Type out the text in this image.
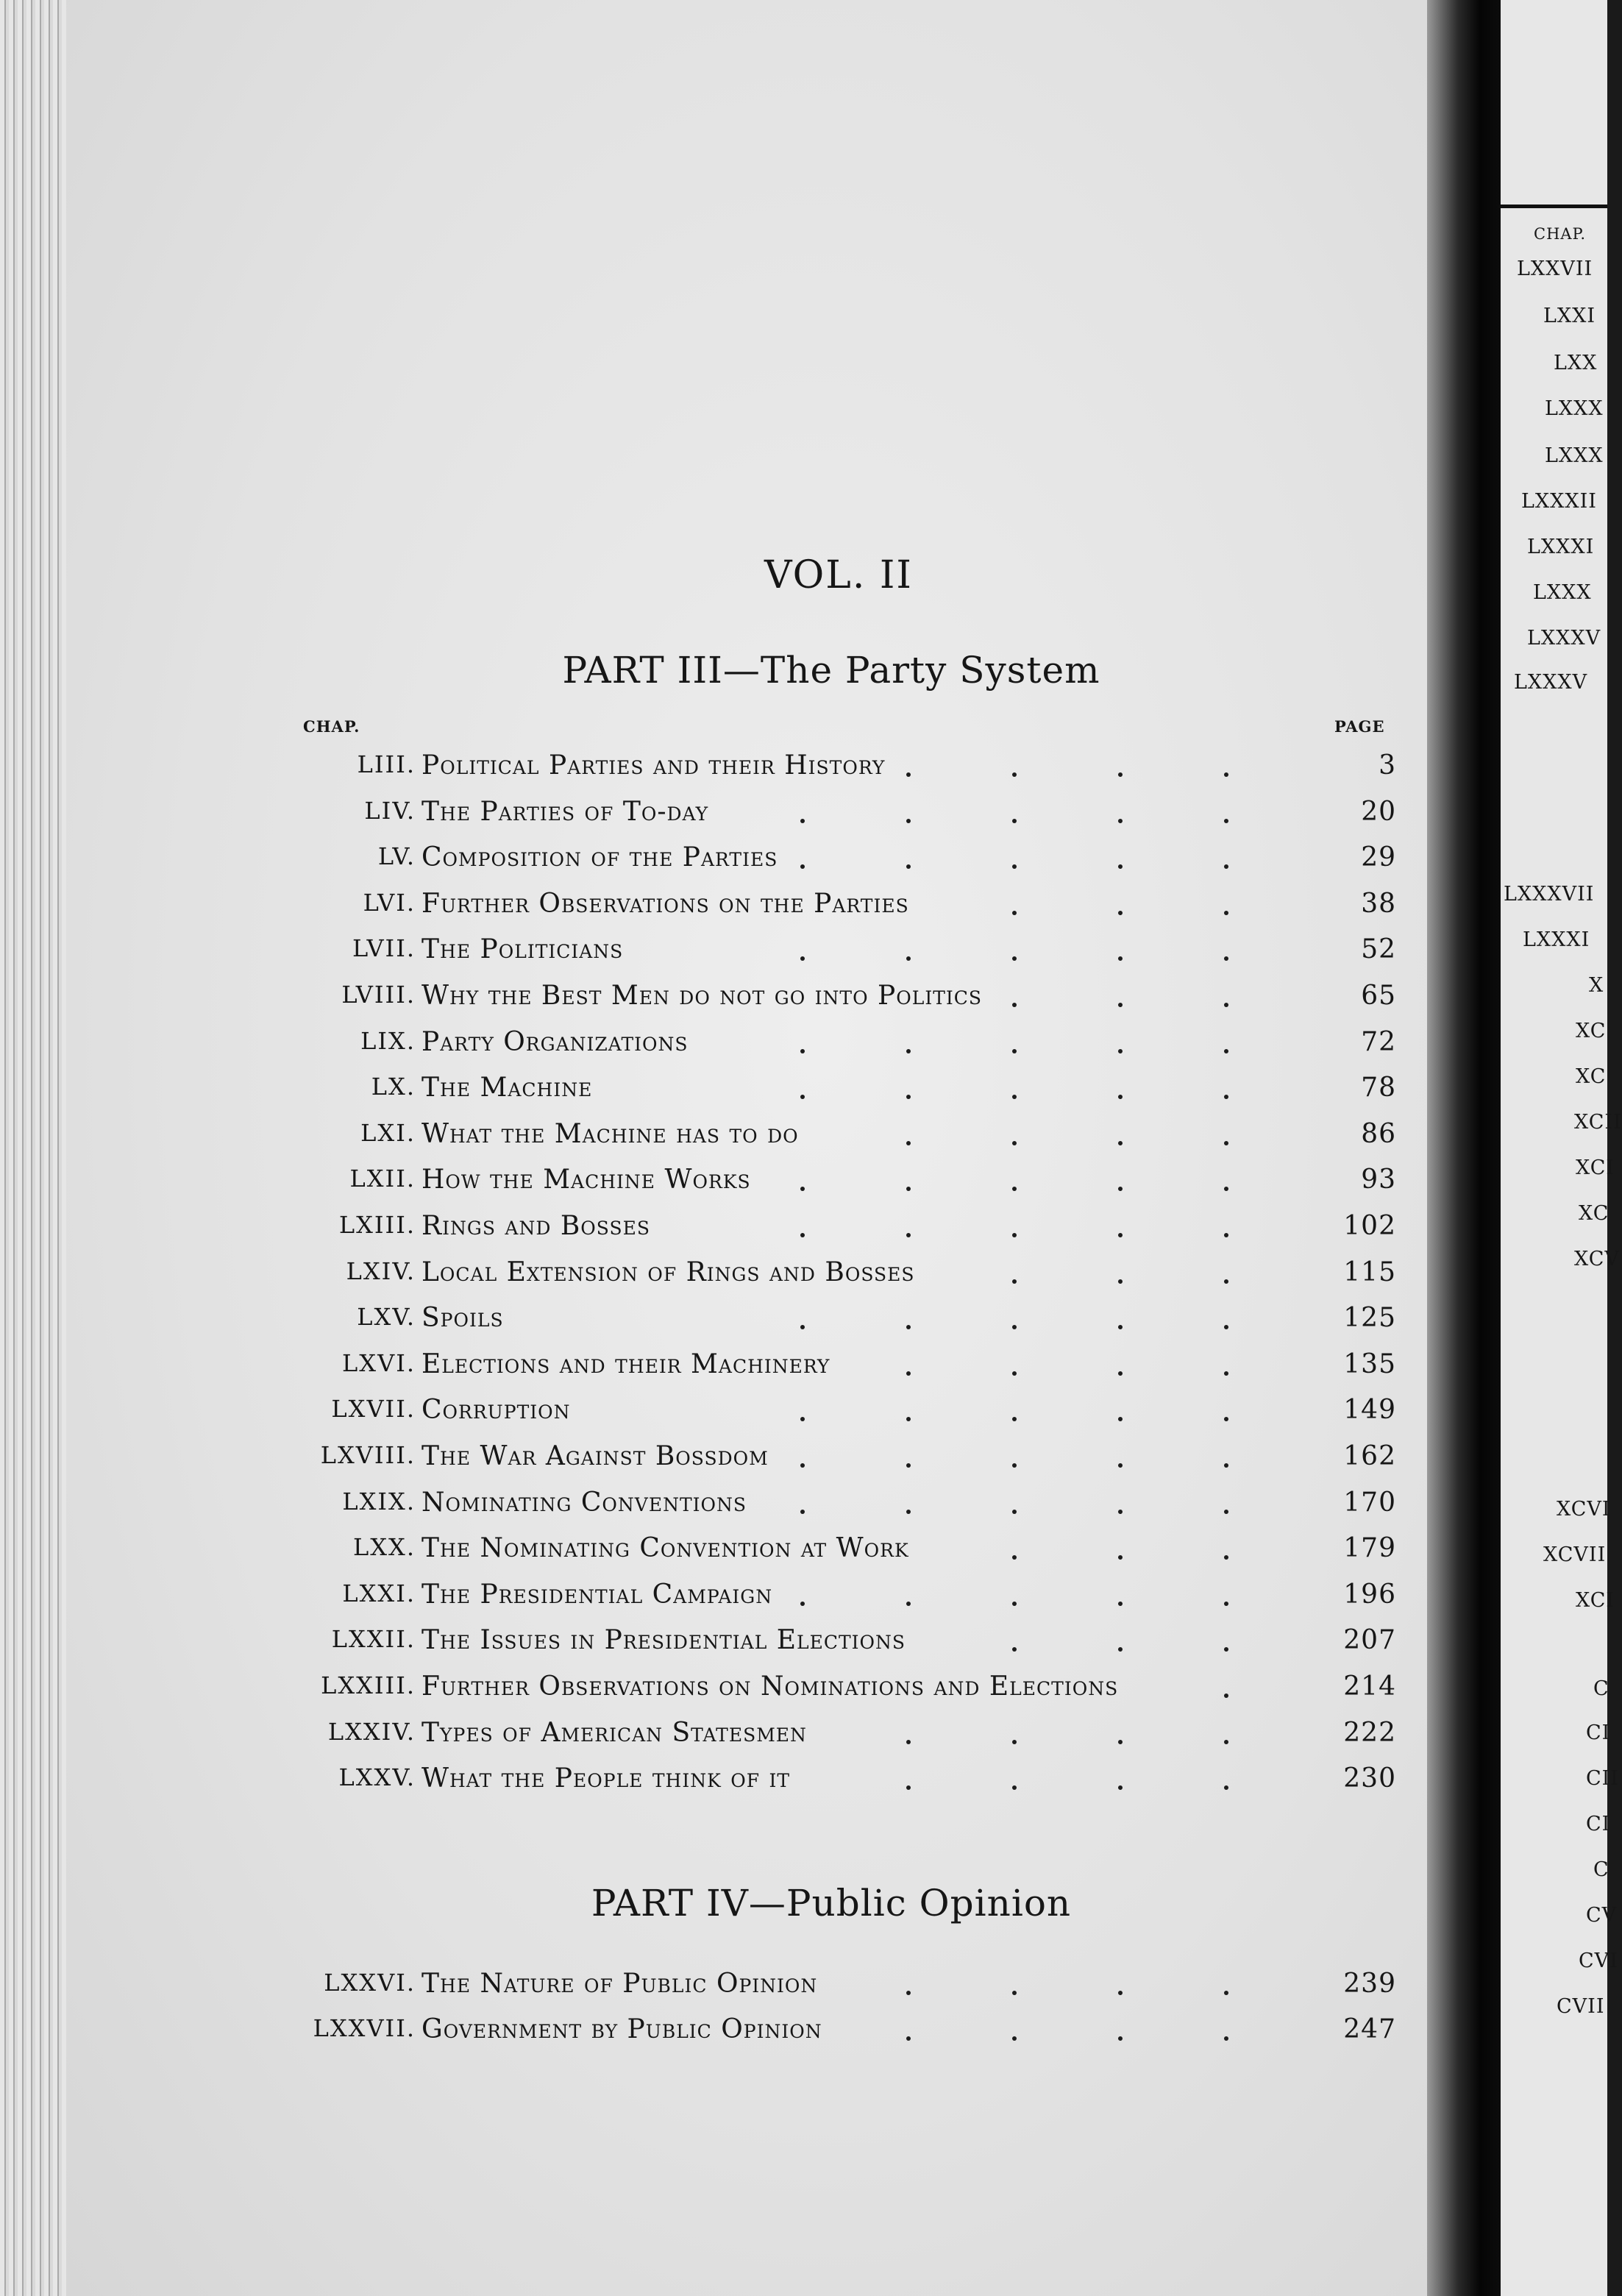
VOL. II
PART III—The Party System
CHAP.	PAGE
LIII. Political Parties and their History	3
LIV. The Parties of To-day	20
LV. Composition of the Parties	29
LVI. Further Observations on the Parties	38
LVII. The Politicians	52
LVIII. Why the Best Men do not go into Politics	65
LIX. Party Organizations	72
LX. The Machine	78
LXI. What the Machine has to do	86
LXII. How the Machine Works	93
LXIII. Rings and Bosses	102
LXIV. Local Extension of Rings and Bosses	115
LXV. Spoils	125
LXVI. Elections and their Machinery	135
LXVII. Corruption	149
LXVIII. The War Against Bossdom	162
LXIX. Nominating Conventions	170
LXX. The Nominating Convention at Work	179
LXXI. The Presidential Campaign	196
LXXII. The Issues in Presidential Elections	207
LXXIII. Further Observations on Nominations and Elections	214
LXXIV. Types of American Statesmen	222
LXXV. What the People think of it	230
PART IV—Public Opinion
LXXVI. The Nature of Public Opinion	239
LXXVII. Government by Public Opinion	247
CHAP.
LXXVII
LXXI
LXX
LXXX
LXXX
LXXXII
LXXXI
LXXX
LXXXV
LXXXV
LXXXVII
LXXXI
X
XC
XC
XCII
XCI
XC
XCV
XCVI
XCVII
XCI
C
CI
CII
CI
C
CV
CVI
CVII
